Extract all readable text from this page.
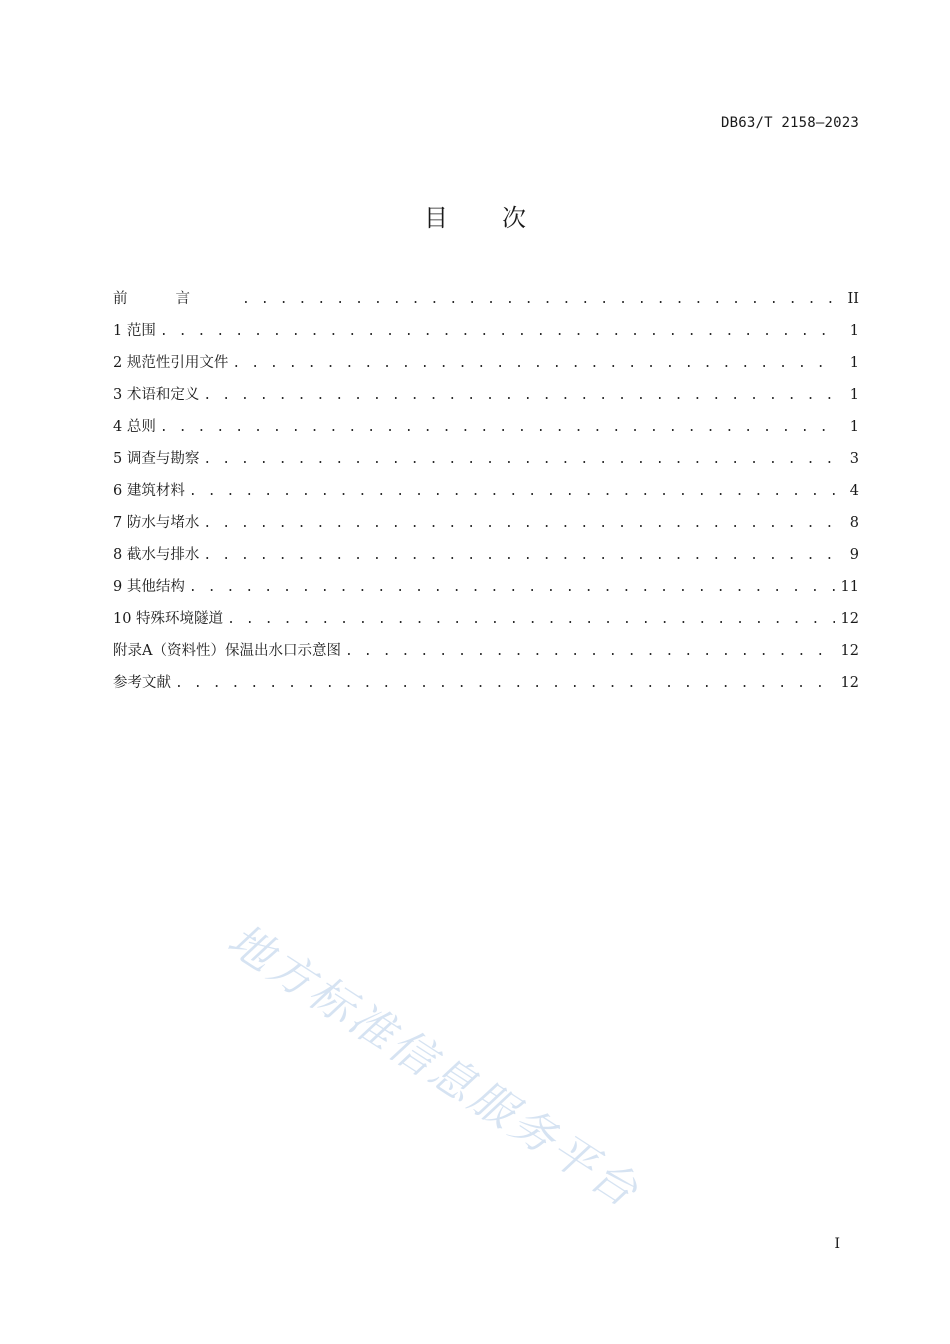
DB63/T 2158—2023
目次
前言 . . .	II
1 范围 . . .	1
2 规范性引用文件 . . .	1
3 术语和定义 . . .	1
4 总则 . . .	1
5 调查与勘察 . . .	3
6 建筑材料 . . .	4
7 防水与堵水 . . .	8
8 截水与排水 . . .	9
9 其他结构 . . .	11
10 特殊环境隧道 . . .	12
附录A（资料性）保温出水口示意图 . . .	12
参考文献 . . .	12
地方标准信息服务平台
I
